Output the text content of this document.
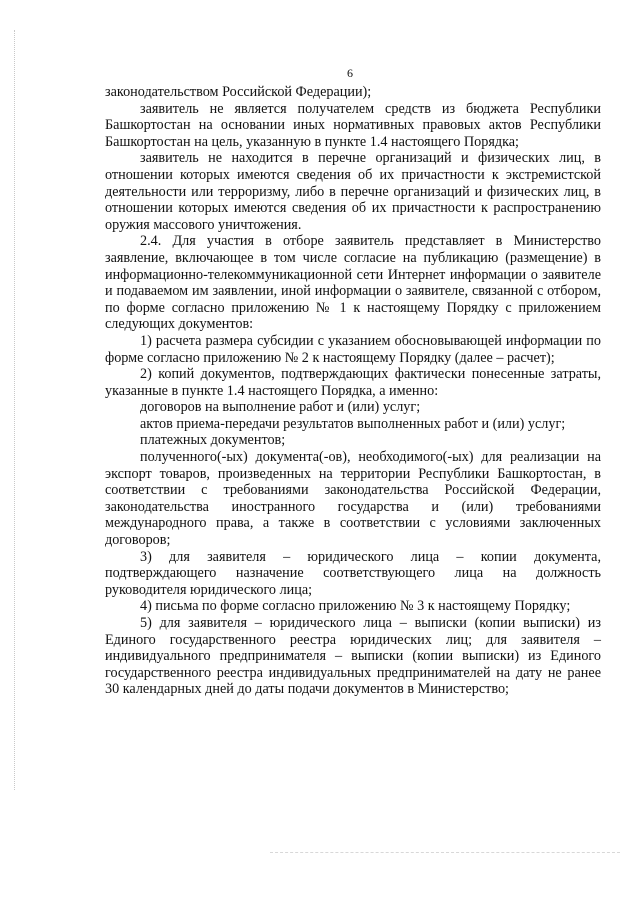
6

законодательством Российской Федерации);

заявитель не является получателем средств из бюджета Республики Башкортостан на основании иных нормативных правовых актов Республики Башкортостан на цель, указанную в пункте 1.4 настоящего Порядка;

заявитель не находится в перечне организаций и физических лиц, в отношении которых имеются сведения об их причастности к экстремистской деятельности или терроризму, либо в перечне организаций и физических лиц, в отношении которых имеются сведения об их причастности к распространению оружия массового уничтожения.

2.4. Для участия в отборе заявитель представляет в Министерство заявление, включающее в том числе согласие на публикацию (размещение) в информационно-телекоммуникационной сети Интернет информации о заявителе и подаваемом им заявлении, иной информации о заявителе, связанной с отбором, по форме согласно приложению № 1 к настоящему Порядку с приложением следующих документов:

1) расчета размера субсидии с указанием обосновывающей информации по форме согласно приложению № 2 к настоящему Порядку (далее – расчет);

2) копий документов, подтверждающих фактически понесенные затраты, указанные в пункте 1.4 настоящего Порядка, а именно:

договоров на выполнение работ и (или) услуг;

актов приема-передачи результатов выполненных работ и (или) услуг;

платежных документов;

полученного(-ых) документа(-ов), необходимого(-ых) для реализации на экспорт товаров, произведенных на территории Республики Башкортостан, в соответствии с требованиями законодательства Российской Федерации, законодательства иностранного государства и (или) требованиями международного права, а также в соответствии с условиями заключенных договоров;

3) для заявителя – юридического лица – копии документа, подтверждающего назначение соответствующего лица на должность руководителя юридического лица;

4) письма по форме согласно приложению № 3 к настоящему Порядку;

5) для заявителя – юридического лица – выписки (копии выписки) из Единого государственного реестра юридических лиц; для заявителя – индивидуального предпринимателя – выписки (копии выписки) из Единого государственного реестра индивидуальных предпринимателей на дату не ранее 30 календарных дней до даты подачи документов в Министерство;
